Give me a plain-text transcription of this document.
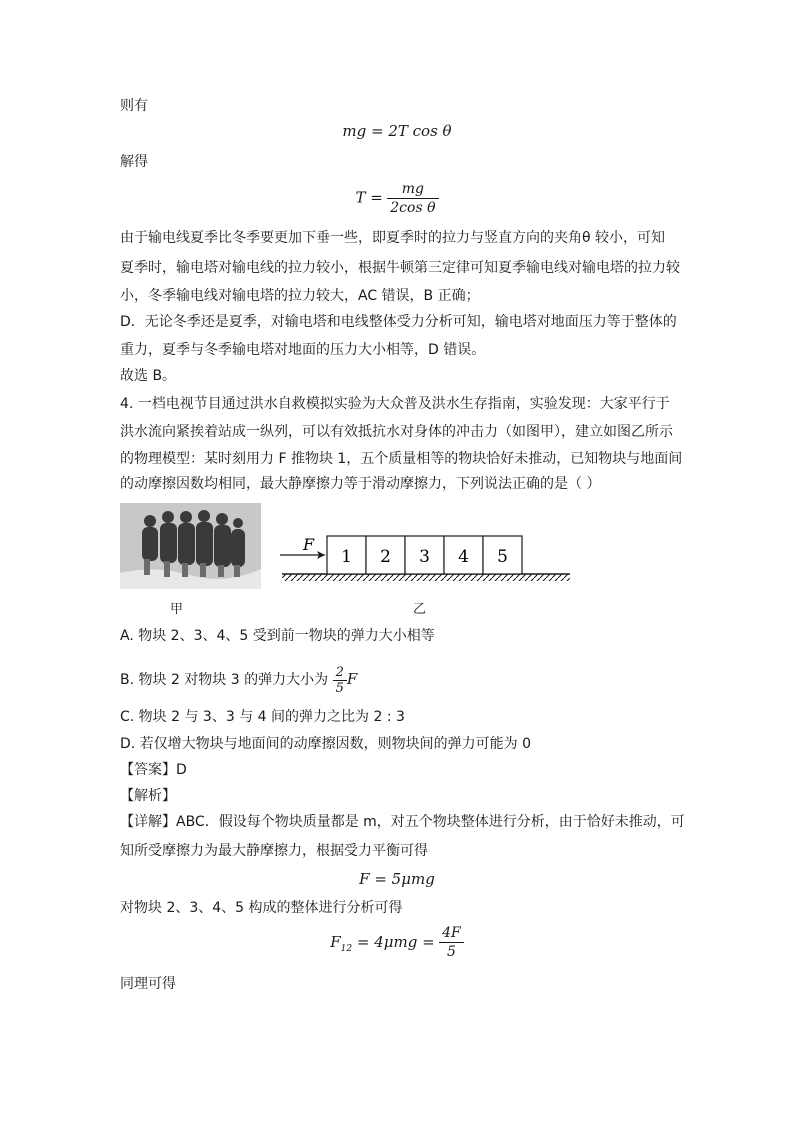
则有
mg = 2T cos θ
解得
$T = \frac{mg}{\text{2cos θ}}$
由于输电线夏季比冬季要更加下垂一些，即夏季时的拉力与竖直方向的夹角θ 较小，可知
夏季时，输电塔对输电线的拉力较小，根据牛顿第三定律可知夏季输电线对输电塔的拉力较
小，冬季输电线对输电塔的拉力较大，AC 错误，B 正确；
D．无论冬季还是夏季，对输电塔和电线整体受力分析可知，输电塔对地面压力等于整体的
重力，夏季与冬季输电塔对地面的压力大小相等，D 错误。
故选 B。
4. 一档电视节目通过洪水自救模拟实验为大众普及洪水生存指南，实验发现：大家平行于
洪水流向紧挨着站成一纵列，可以有效抵抗水对身体的冲击力（如图甲），建立如图乙所示
的物理模型：某时刻用力 F 推物块 1，五个质量相等的物块恰好未推动，已知物块与地面间
的动摩擦因数均相同，最大静摩擦力等于滑动摩擦力，下列说法正确的是（ ）
1 2 3 4 5
F
甲	乙
A. 物块 2、3、4、5 受到前一物块的弹力大小相等
B. 物块 2 对物块 3 的弹力大小为 $\frac{2}{5}$ F
C. 物块 2 与 3、3 与 4 间的弹力之比为 2 : 3
D. 若仅增大物块与地面间的动摩擦因数，则物块间的弹力可能为 0
【答案】D
【解析】
【详解】ABC．假设每个物块质量都是 m，对五个物块整体进行分析，由于恰好未推动，可
知所受摩擦力为最大静摩擦力，根据受力平衡可得
F = 5μmg
对物块 2、3、4、5 构成的整体进行分析可得
$F_{12} = 4\mu mg = \frac{4F}{5}$
同理可得
